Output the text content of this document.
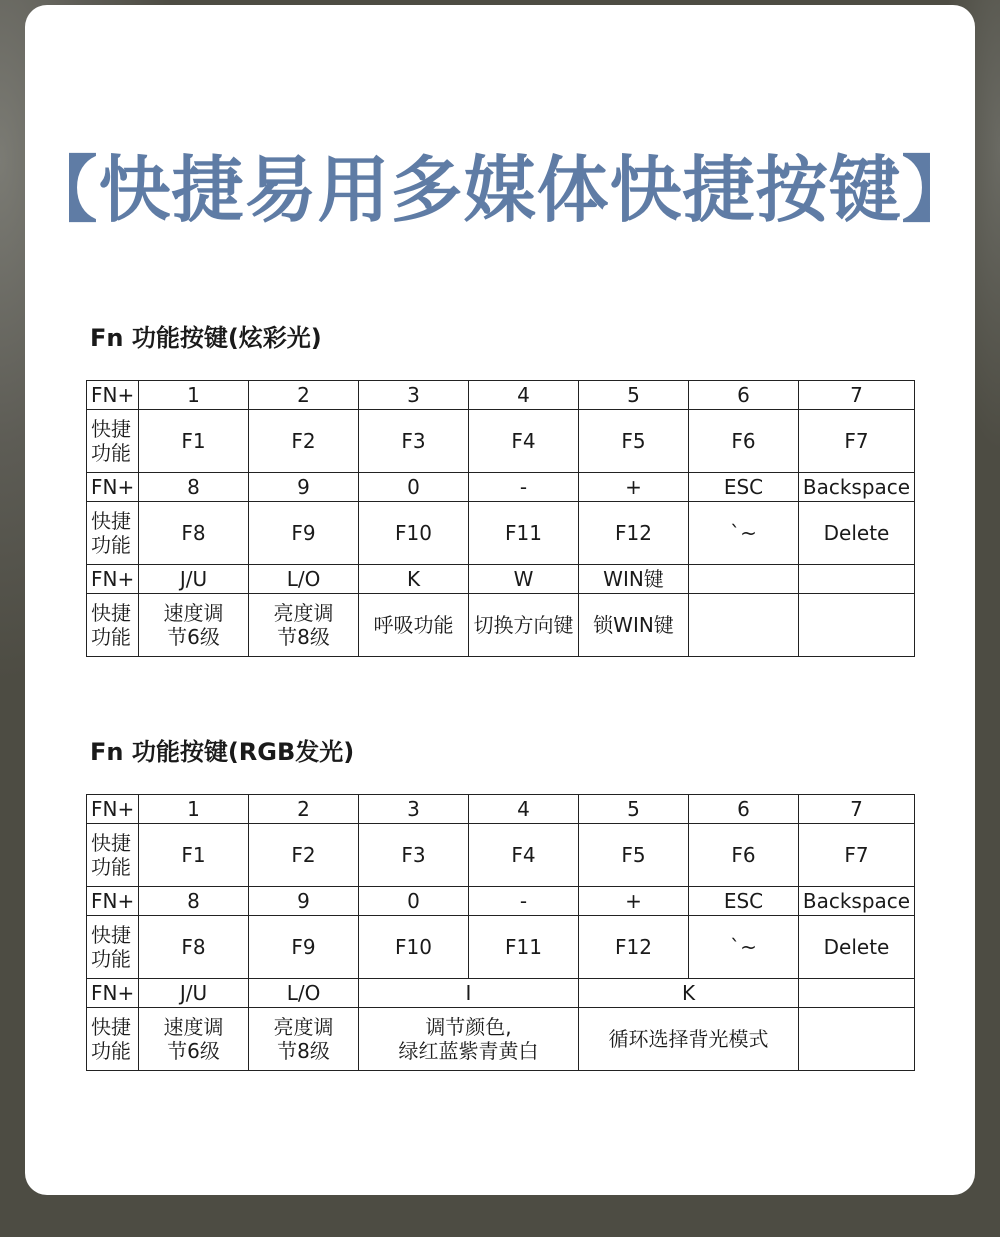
【快捷易用多媒体快捷按键】
Fn 功能按键(炫彩光)
FN+	1	2	3	4	5	6	7

快捷
功能	F1	F2	F3	F4	F5	F6	F7
FN+	8	9	0	-	+	ESC	Backspace

快捷
功能	F8	F9	F10	F11	F12	`~	Delete
FN+	J/U	L/O	K	W	WIN键		

快捷
功能	速度调
节6级	亮度调
节8级	呼吸功能	切换方向键	锁WIN键		

Fn 功能按键(RGB发光)
FN+	1	2	3	4	5	6	7

快捷
功能	F1	F2	F3	F4	F5	F6	F7
FN+	8	9	0	-	+	ESC	Backspace

快捷
功能	F8	F9	F10	F11	F12	`~	Delete
FN+	J/U	L/O	I		K		

快捷
功能	速度调
节6级	亮度调
节8级	调节颜色,
绿红蓝紫青黄白		循环选择背光模式		
